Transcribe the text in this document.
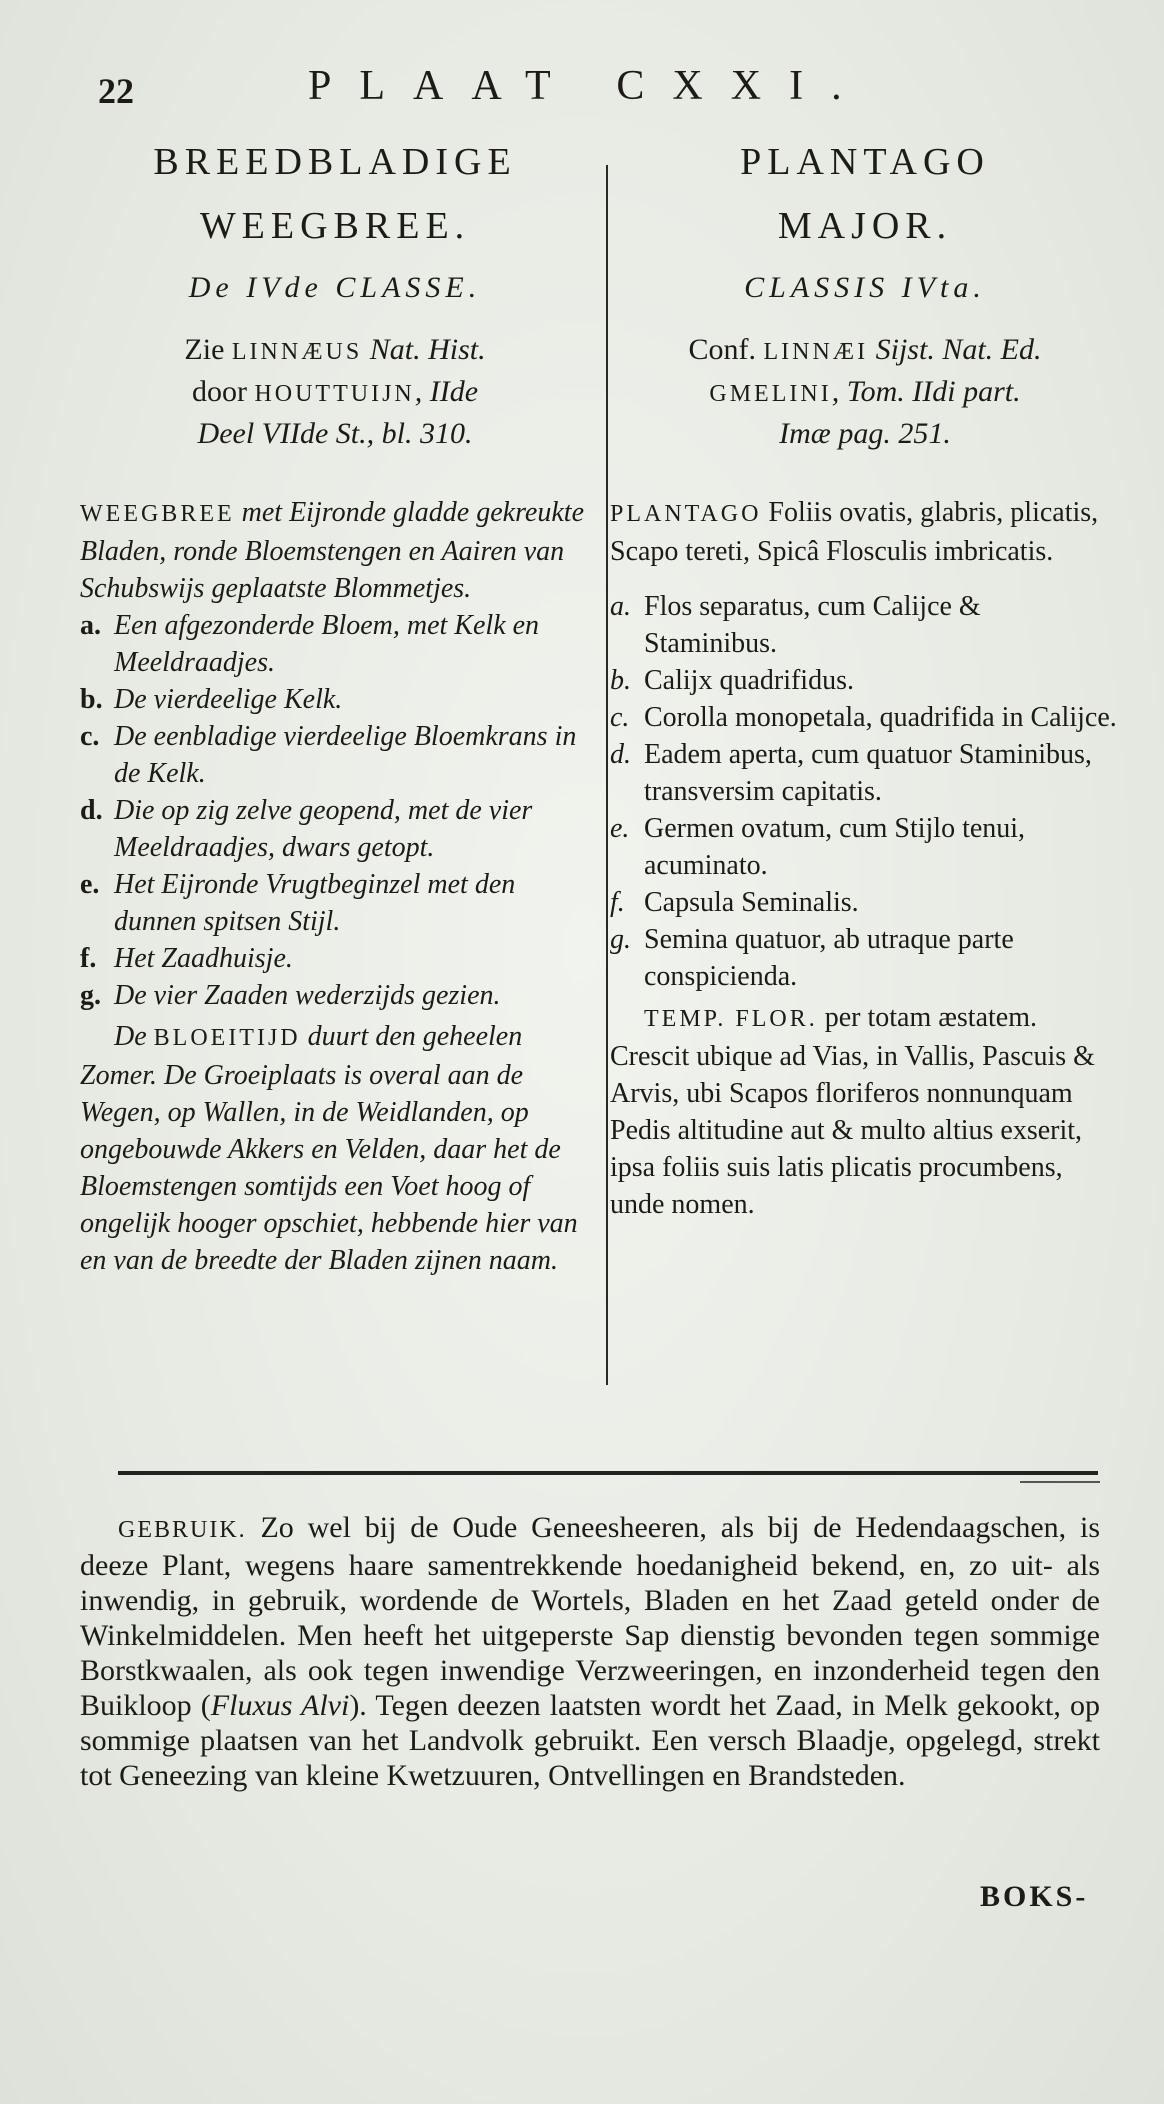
22	PLAAT CXXI.

BREEDBLADIGE

WEEGBREE.

De IVde CLASSE.
Zie LINNÆUS Nat. Hist.
door HOUTTUIJN, IIde
Deel VIIde St., bl. 310.
WEEGBREE met Eijronde gladde gekreukte Bladen, ronde Bloemstengen en Aairen van Schubswijs geplaatste Blommetjes.
a. Een afgezonderde Bloem, met Kelk en Meeldraadjes.
b. De vierdeelige Kelk.
c. De eenbladige vierdeelige Bloemkrans in de Kelk.
d. Die op zig zelve geopend, met de vier Meeldraadjes, dwars getopt.
e. Het Eijronde Vrugtbeginzel met den dunnen spitsen Stijl.
f. Het Zaadhuisje.
g. De vier Zaaden wederzijds gezien.
De BLOEITIJD duurt den geheelen Zomer. De Groeiplaats is overal aan de Wegen, op Wallen, in de Weidlanden, op ongebouwde Akkers en Velden, daar het de Bloemstengen somtijds een Voet hoog of ongelijk hooger opschiet, hebbende hier van en van de breedte der Bladen zijnen naam.

PLANTAGO

MAJOR.

CLASSIS IVta.
Conf. LINNÆI Sijst. Nat. Ed.
GMELINI, Tom. IIdi part.
Imæ pag. 251.
PLANTAGO Foliis ovatis, glabris, plicatis, Scapo tereti, Spicâ Flosculis imbricatis.
a. Flos separatus, cum Calijce & Staminibus.
b. Calijx quadrifidus.
c. Corolla monopetala, quadrifida in Calijce.
d. Eadem aperta, cum quatuor Staminibus, transversim capitatis.
e. Germen ovatum, cum Stijlo tenui, acuminato.
f. Capsula Seminalis.
g. Semina quatuor, ab utraque parte conspicienda.
TEMP. FLOR. per totam æstatem. Crescit ubique ad Vias, in Vallis, Pascuis & Arvis, ubi Scapos floriferos nonnunquam Pedis altitudine aut & multo altius exserit, ipsa foliis suis latis plicatis procumbens, unde nomen.
GEBRUIK. Zo wel bij de Oude Geneesheeren, als bij de Hedendaagschen, is deeze Plant, wegens haare samentrekkende hoedanigheid bekend, en, zo uit- als inwendig, in gebruik, wordende de Wortels, Bladen en het Zaad geteld onder de Winkelmiddelen. Men heeft het uitgeperste Sap dienstig bevonden tegen sommige Borstkwaalen, als ook tegen inwendige Verzweeringen, en inzonderheid tegen den Buikloop (Fluxus Alvi). Tegen deezen laatsten wordt het Zaad, in Melk gekookt, op sommige plaatsen van het Landvolk gebruikt. Een versch Blaadje, opgelegd, strekt tot Geneezing van kleine Kwetzuuren, Ontvellingen en Brandsteden.
BOKS-
